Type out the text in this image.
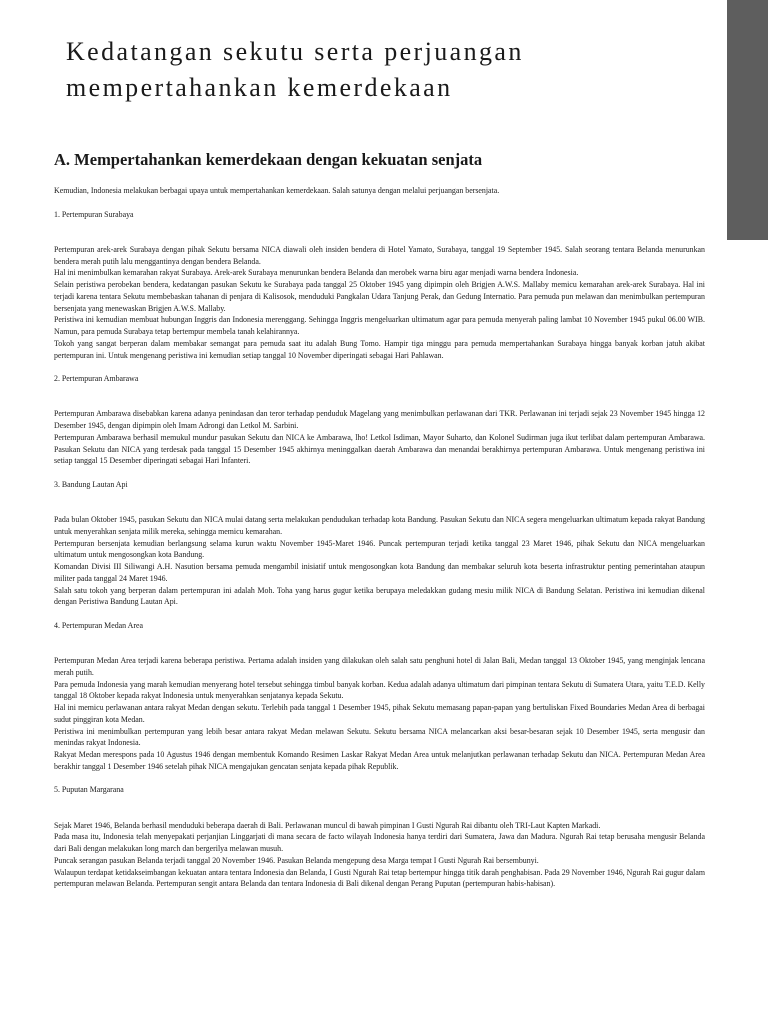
Kedatangan sekutu serta perjuangan
mempertahankan kemerdekaan
A. Mempertahankan kemerdekaan dengan kekuatan senjata

Kemudian, Indonesia melakukan berbagai upaya untuk mempertahankan kemerdekaan. Salah satunya dengan melalui perjuangan bersenjata.

1. Pertempuran Surabaya

Pertempuran arek-arek Surabaya dengan pihak Sekutu bersama NICA diawali oleh insiden bendera di Hotel Yamato, Surabaya, tanggal 19 September 1945. Salah seorang tentara Belanda menurunkan bendera merah putih lalu menggantinya dengan bendera Belanda.

Hal ini menimbulkan kemarahan rakyat Surabaya. Arek-arek Surabaya menurunkan bendera Belanda dan merobek warna biru agar menjadi warna bendera Indonesia.

Selain peristiwa perobekan bendera, kedatangan pasukan Sekutu ke Surabaya pada tanggal 25 Oktober 1945 yang dipimpin oleh Brigjen A.W.S. Mallaby memicu kemarahan arek-arek Surabaya. Hal ini terjadi karena tentara Sekutu membebaskan tahanan di penjara di Kalisosok, menduduki Pangkalan Udara Tanjung Perak, dan Gedung Internatio. Para pemuda pun melawan dan menimbulkan pertempuran bersenjata yang menewaskan Brigjen A.W.S. Mallaby.

Peristiwa ini kemudian membuat hubungan Inggris dan Indonesia merenggang. Sehingga Inggris mengeluarkan ultimatum agar para pemuda menyerah paling lambat 10 November 1945 pukul 06.00 WIB. Namun, para pemuda Surabaya tetap bertempur membela tanah kelahirannya.

Tokoh yang sangat berperan dalam membakar semangat para pemuda saat itu adalah Bung Tomo. Hampir tiga minggu para pemuda mempertahankan Surabaya hingga banyak korban jatuh akibat pertempuran ini. Untuk mengenang peristiwa ini kemudian setiap tanggal 10 November diperingati sebagai Hari Pahlawan.

2. Pertempuran Ambarawa

Pertempuran Ambarawa disebabkan karena adanya penindasan dan teror terhadap penduduk Magelang yang menimbulkan perlawanan dari TKR. Perlawanan ini terjadi sejak 23 November 1945 hingga 12 Desember 1945, dengan dipimpin oleh Imam Adrongi dan Letkol M. Sarbini.

Pertempuran Ambarawa berhasil memukul mundur pasukan Sekutu dan NICA ke Ambarawa, lho! Letkol Isdiman, Mayor Suharto, dan Kolonel Sudirman juga ikut terlibat dalam pertempuran Ambarawa. Pasukan Sekutu dan NICA yang terdesak pada tanggal 15 Desember 1945 akhirnya meninggalkan daerah Ambarawa dan menandai berakhirnya pertempuran Ambarawa. Untuk mengenang peristiwa ini setiap tanggal 15 Desember diperingati sebagai Hari Infanteri.

3. Bandung Lautan Api

Pada bulan Oktober 1945, pasukan Sekutu dan NICA mulai datang serta melakukan pendudukan terhadap kota Bandung. Pasukan Sekutu dan NICA segera mengeluarkan ultimatum kepada rakyat Bandung untuk menyerahkan senjata milik mereka, sehingga memicu kemarahan.

Pertempuran bersenjata kemudian berlangsung selama kurun waktu November 1945-Maret 1946. Puncak pertempuran terjadi ketika tanggal 23 Maret 1946, pihak Sekutu dan NICA mengeluarkan ultimatum untuk mengosongkan kota Bandung.

Komandan Divisi III Siliwangi A.H. Nasution bersama pemuda mengambil inisiatif untuk mengosongkan kota Bandung dan membakar seluruh kota beserta infrastruktur penting pemerintahan ataupun militer pada tanggal 24 Maret 1946.

Salah satu tokoh yang berperan dalam pertempuran ini adalah Moh. Toha yang harus gugur ketika berupaya meledakkan gudang mesiu milik NICA di Bandung Selatan. Peristiwa ini kemudian dikenal dengan Peristiwa Bandung Lautan Api.

4. Pertempuran Medan Area

Pertempuran Medan Area terjadi karena beberapa peristiwa. Pertama adalah insiden yang dilakukan oleh salah satu penghuni hotel di Jalan Bali, Medan tanggal 13 Oktober 1945, yang menginjak lencana merah putih.

Para pemuda Indonesia yang marah kemudian menyerang hotel tersebut sehingga timbul banyak korban. Kedua adalah adanya ultimatum dari pimpinan tentara Sekutu di Sumatera Utara, yaitu T.E.D. Kelly tanggal 18 Oktober kepada rakyat Indonesia untuk menyerahkan senjatanya kepada Sekutu.

Hal ini memicu perlawanan antara rakyat Medan dengan sekutu. Terlebih pada tanggal 1 Desember 1945, pihak Sekutu memasang papan-papan yang bertuliskan Fixed Boundaries Medan Area di berbagai sudut pinggiran kota Medan.

Peristiwa ini menimbulkan pertempuran yang lebih besar antara rakyat Medan melawan Sekutu. Sekutu bersama NICA melancarkan aksi besar-besaran sejak 10 Desember 1945, serta mengusir dan menindas rakyat Indonesia.

Rakyat Medan merespons pada 10 Agustus 1946 dengan membentuk Komando Resimen Laskar Rakyat Medan Area untuk melanjutkan perlawanan terhadap Sekutu dan NICA. Pertempuran Medan Area berakhir tanggal 1 Desember 1946 setelah pihak NICA mengajukan gencatan senjata kepada pihak Republik.

5. Puputan Margarana

Sejak Maret 1946, Belanda berhasil menduduki beberapa daerah di Bali. Perlawanan muncul di bawah pimpinan I Gusti Ngurah Rai dibantu oleh TRI-Laut Kapten Markadi.

Pada masa itu, Indonesia telah menyepakati perjanjian Linggarjati di mana secara de facto wilayah Indonesia hanya terdiri dari Sumatera, Jawa dan Madura. Ngurah Rai tetap berusaha mengusir Belanda dari Bali dengan melakukan long march dan bergerilya melawan musuh.

Puncak serangan pasukan Belanda terjadi tanggal 20 November 1946. Pasukan Belanda mengepung desa Marga tempat I Gusti Ngurah Rai bersembunyi.

Walaupun terdapat ketidakseimbangan kekuatan antara tentara Indonesia dan Belanda, I Gusti Ngurah Rai tetap bertempur hingga titik darah penghabisan. Pada 29 November 1946, Ngurah Rai gugur dalam pertempuran melawan Belanda. Pertempuran sengit antara Belanda dan tentara Indonesia di Bali dikenal dengan Perang Puputan (pertempuran habis-habisan).
